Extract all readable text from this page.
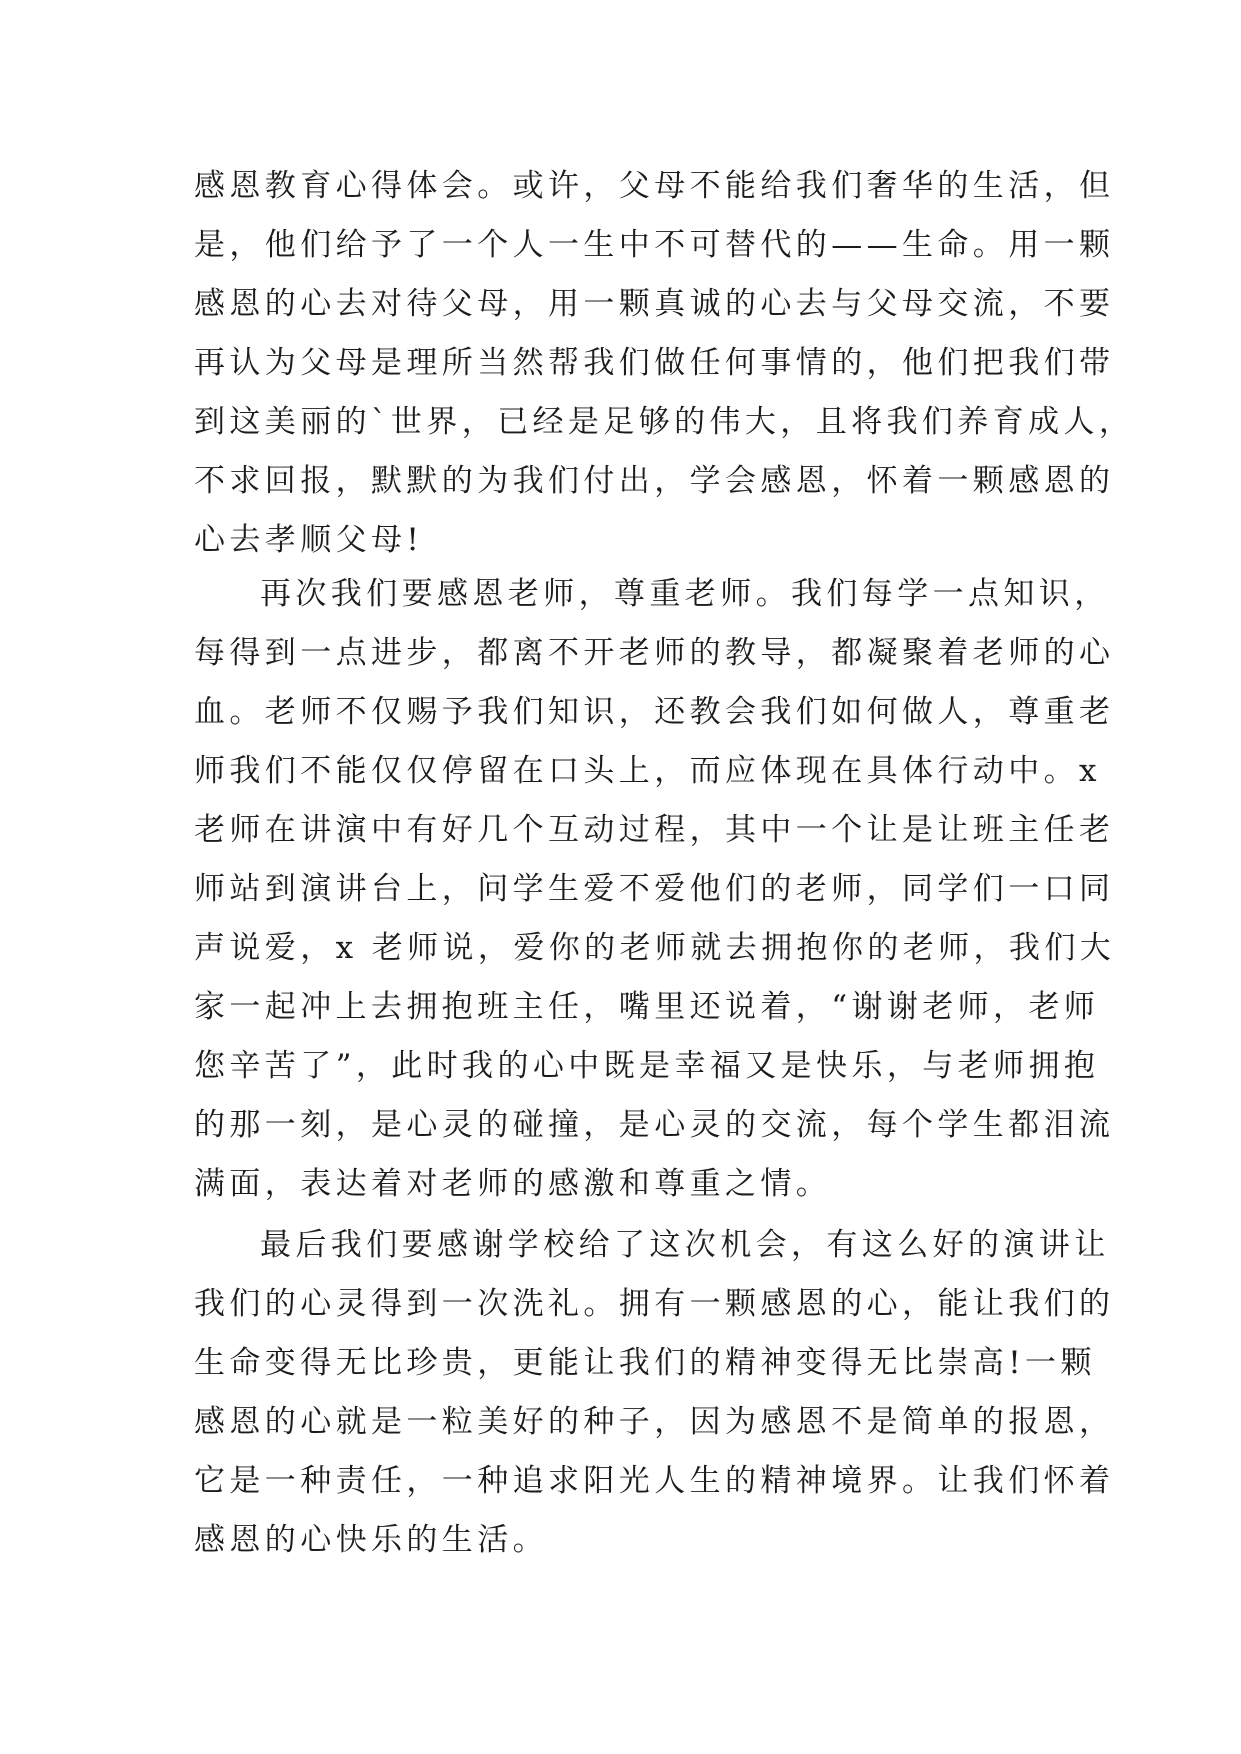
感恩教育心得体会。或许，父母不能给我们奢华的生活，但
是，他们给予了一个人一生中不可替代的——生命。用一颗
感恩的心去对待父母，用一颗真诚的心去与父母交流，不要
再认为父母是理所当然帮我们做任何事情的，他们把我们带
到这美丽的`世界，已经是足够的伟大，且将我们养育成人，
不求回报，默默的为我们付出，学会感恩，怀着一颗感恩的
心去孝顺父母!
再次我们要感恩老师，尊重老师。我们每学一点知识，
每得到一点进步，都离不开老师的教导，都凝聚着老师的心
血。老师不仅赐予我们知识，还教会我们如何做人，尊重老
师我们不能仅仅停留在口头上，而应体现在具体行动中。x
老师在讲演中有好几个互动过程，其中一个让是让班主任老
师站到演讲台上，问学生爱不爱他们的老师，同学们一口同
声说爱，x 老师说，爱你的老师就去拥抱你的老师，我们大
家一起冲上去拥抱班主任，嘴里还说着，“谢谢老师，老师
您辛苦了”，此时我的心中既是幸福又是快乐，与老师拥抱
的那一刻，是心灵的碰撞，是心灵的交流，每个学生都泪流
满面，表达着对老师的感激和尊重之情。
最后我们要感谢学校给了这次机会，有这么好的演讲让
我们的心灵得到一次洗礼。拥有一颗感恩的心，能让我们的
生命变得无比珍贵，更能让我们的精神变得无比崇高!一颗
感恩的心就是一粒美好的种子，因为感恩不是简单的报恩，
它是一种责任，一种追求阳光人生的精神境界。让我们怀着
感恩的心快乐的生活。
